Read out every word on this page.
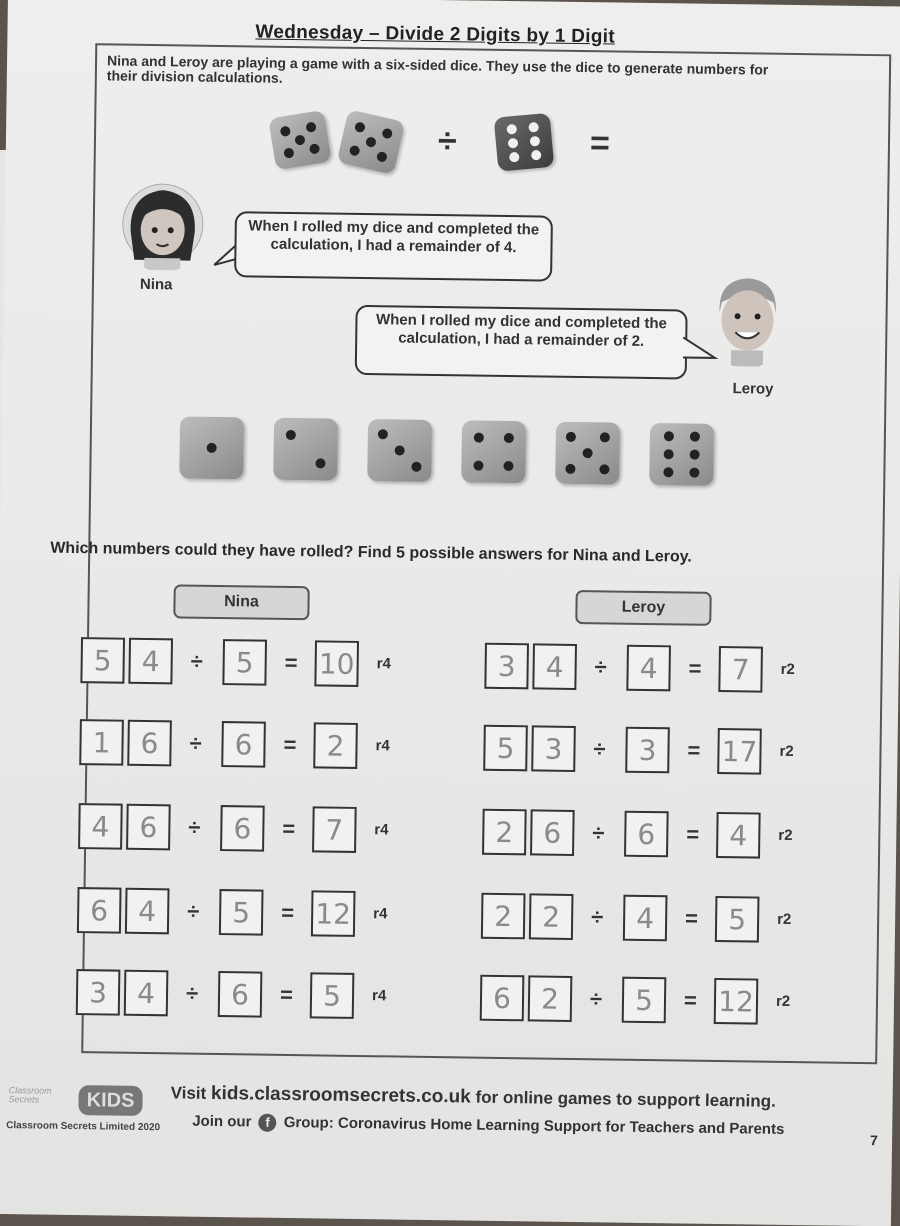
Wednesday – Divide 2 Digits by 1 Digit
Nina and Leroy are playing a game with a six-sided dice. They use the dice to generate numbers for their division calculations.
÷	=
Nina
When I rolled my dice and completed the calculation, I had a remainder of 4.
When I rolled my dice and completed the calculation, I had a remainder of 2.
Leroy
Which numbers could they have rolled? Find 5 possible answers for Nina and Leroy.
Nina	Leroy
5	4	÷	5	= 10 r4
1	6	÷	6	=	2	r4
4	6	÷	6	=	7	r4
6	4	÷	5	= 12 r4
3	4	÷	6	=	5	r4
3	4	÷	4	=	7	r2
5	3	÷	3	= 17 r2
2	6	÷	6	=	4	r2
2	2	÷	4	=	5	r2
6	2	÷	5	= 12 r2
Classroom Secrets	KIDS
Classroom Secrets Limited 2020
Visit kids.classroomsecrets.co.uk for online games to support learning.
Join our f Group: Coronavirus Home Learning Support for Teachers and Parents
7
